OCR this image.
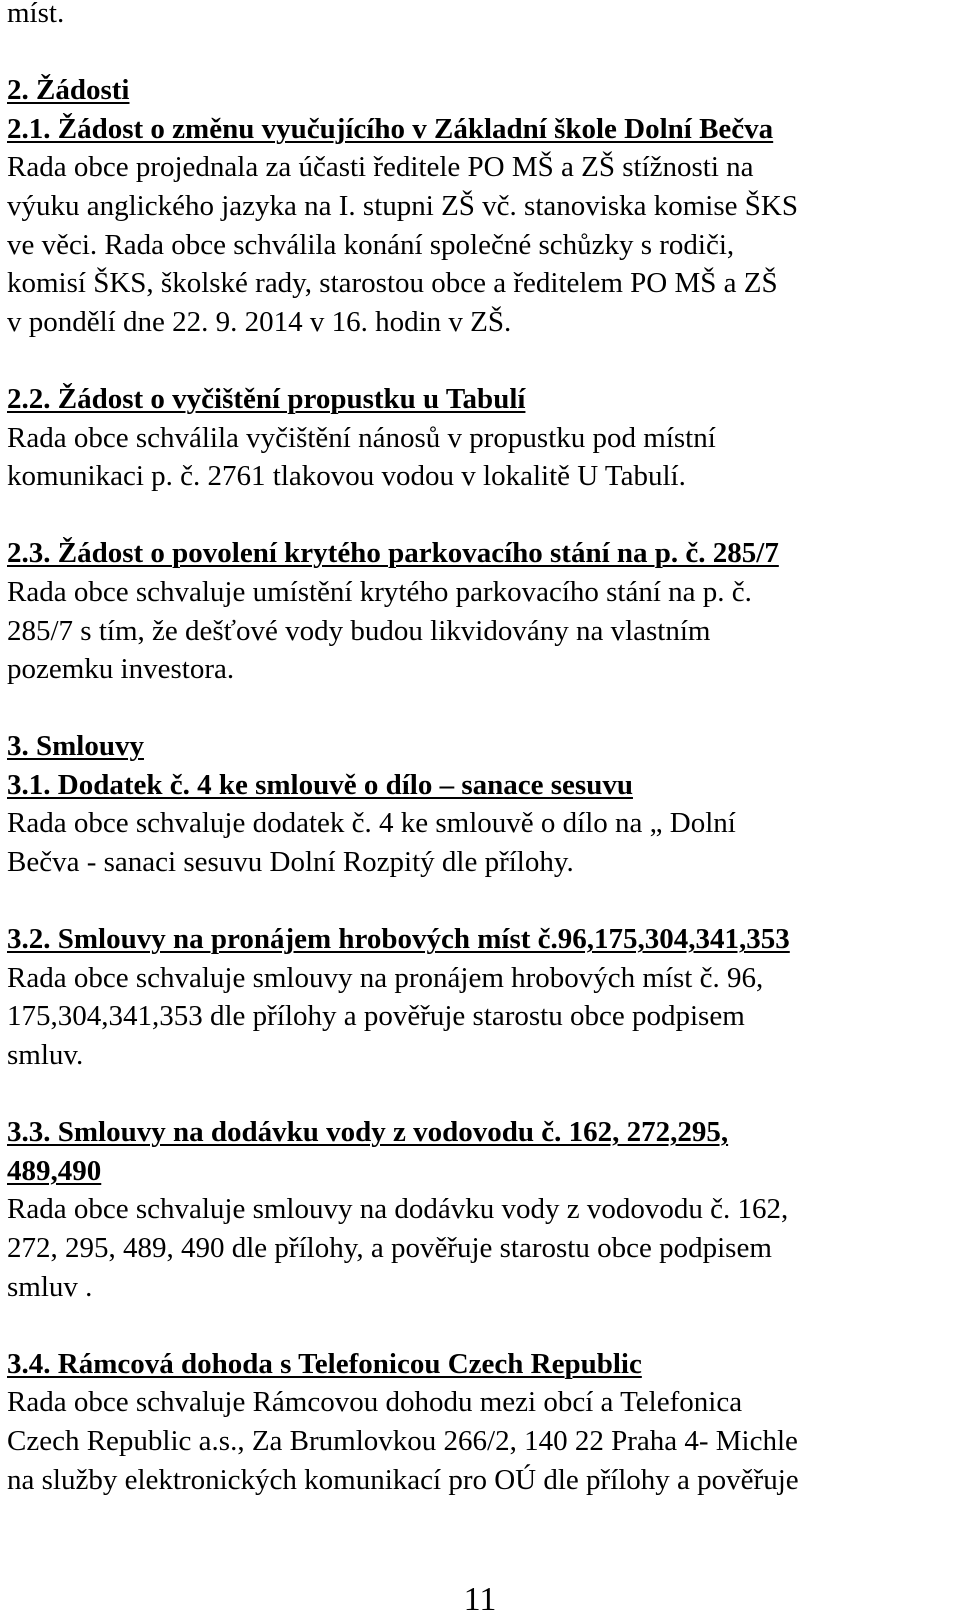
míst.
2. Žádosti
2.1. Žádost o změnu vyučujícího v Základní škole Dolní Bečva
Rada obce projednala za účasti ředitele PO MŠ a ZŠ stížnosti na
výuku anglického jazyka na I. stupni ZŠ vč. stanoviska komise ŠKS
ve věci. Rada obce schválila konání společné schůzky s rodiči,
komisí ŠKS, školské rady, starostou obce a ředitelem PO MŠ a ZŠ
v pondělí dne 22. 9. 2014 v 16. hodin v ZŠ.
2.2. Žádost o vyčištění propustku u Tabulí
Rada obce schválila vyčištění nánosů v propustku pod místní
komunikaci p. č. 2761 tlakovou vodou v lokalitě U Tabulí.
2.3. Žádost o povolení krytého parkovacího stání na p. č. 285/7
Rada obce schvaluje umístění krytého parkovacího stání na p. č.
285/7 s tím, že dešťové vody budou likvidovány na vlastním
pozemku investora.
3. Smlouvy
3.1. Dodatek č. 4 ke smlouvě o dílo – sanace sesuvu
Rada obce schvaluje dodatek č. 4 ke smlouvě o dílo na „ Dolní
Bečva - sanaci sesuvu Dolní Rozpitý dle přílohy.
3.2. Smlouvy na pronájem hrobových míst č.96,175,304,341,353
Rada obce schvaluje smlouvy na pronájem hrobových míst č. 96,
175,304,341,353 dle přílohy a pověřuje starostu obce podpisem
smluv.
3.3. Smlouvy na dodávku vody z vodovodu č. 162, 272,295,
489,490
Rada obce schvaluje smlouvy na dodávku vody z vodovodu č. 162,
272, 295, 489, 490 dle přílohy, a pověřuje starostu obce podpisem
smluv .
3.4. Rámcová dohoda s Telefonicou Czech Republic
Rada obce schvaluje Rámcovou dohodu mezi obcí a Telefonica
Czech Republic a.s., Za Brumlovkou 266/2, 140 22 Praha 4- Michle
na služby elektronických komunikací pro OÚ dle přílohy a pověřuje
11
